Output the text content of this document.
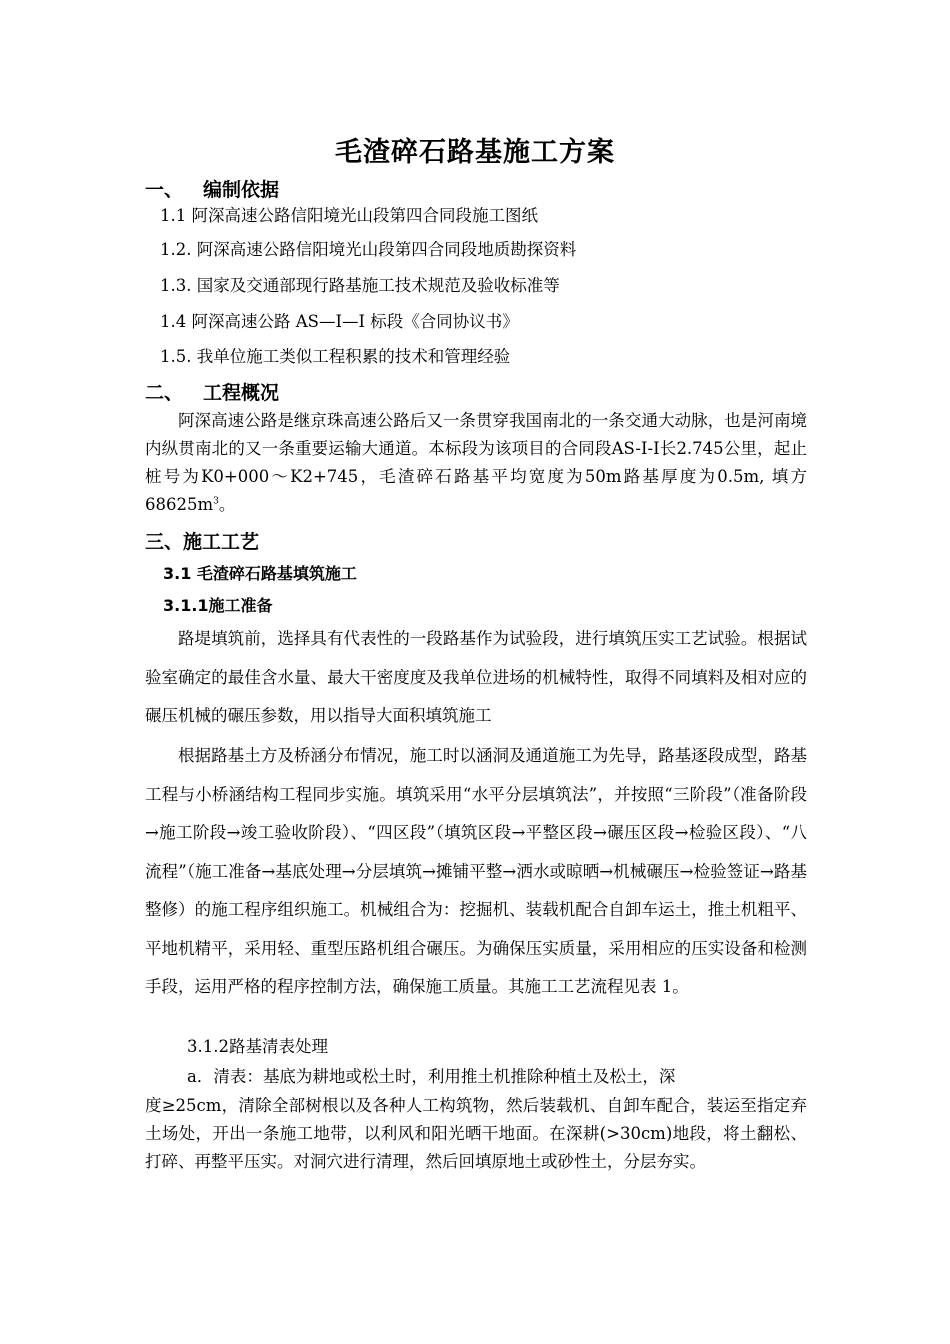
毛渣碎石路基施工方案
一、 编制依据
1.1 阿深高速公路信阳境光山段第四合同段施工图纸
1.2. 阿深高速公路信阳境光山段第四合同段地质勘探资料
1.3. 国家及交通部现行路基施工技术规范及验收标准等
1.4 阿深高速公路 AS—I—I 标段《合同协议书》
1.5. 我单位施工类似工程积累的技术和管理经验
二、 工程概况
阿深高速公路是继京珠高速公路后又一条贯穿我国南北的一条交通大动脉，也是河南境内纵贯南北的又一条重要运输大通道。本标段为该项目的合同段AS-I-I长2.745公里，起止桩号为K0+000～K2+745，毛渣碎石路基平均宽度为50m路基厚度为0.5m, 填方$68625m^3$。
三、施工工艺
3.1 毛渣碎石路基填筑施工
3.1.1施工准备
路堤填筑前，选择具有代表性的一段路基作为试验段，进行填筑压实工艺试验。根据试验室确定的最佳含水量、最大干密度度及我单位进场的机械特性，取得不同填料及相对应的碾压机械的碾压参数，用以指导大面积填筑施工
根据路基土方及桥涵分布情况，施工时以涵洞及通道施工为先导，路基逐段成型，路基工程与小桥涵结构工程同步实施。填筑采用“水平分层填筑法”，并按照“三阶段”（准备阶段→施工阶段→竣工验收阶段）、“四区段”（填筑区段→平整区段→碾压区段→检验区段）、“八流程”（施工准备→基底处理→分层填筑→摊铺平整→洒水或晾晒→机械碾压→检验签证→路基整修）的施工程序组织施工。机械组合为：挖掘机、装载机配合自卸车运土，推土机粗平、平地机精平，采用轻、重型压路机组合碾压。为确保压实质量，采用相应的压实设备和检测手段，运用严格的程序控制方法，确保施工质量。其施工工艺流程见表 1。
3.1.2路基清表处理
a．清表：基底为耕地或松土时，利用推土机推除种植土及松土，深
度≥25cm，清除全部树根以及各种人工构筑物，然后装载机、自卸车配合，装运至指定弃土场处，开出一条施工地带，以利风和阳光晒干地面。在深耕(>30cm)地段，将土翻松、打碎、再整平压实。对洞穴进行清理，然后回填原地土或砂性土，分层夯实。
